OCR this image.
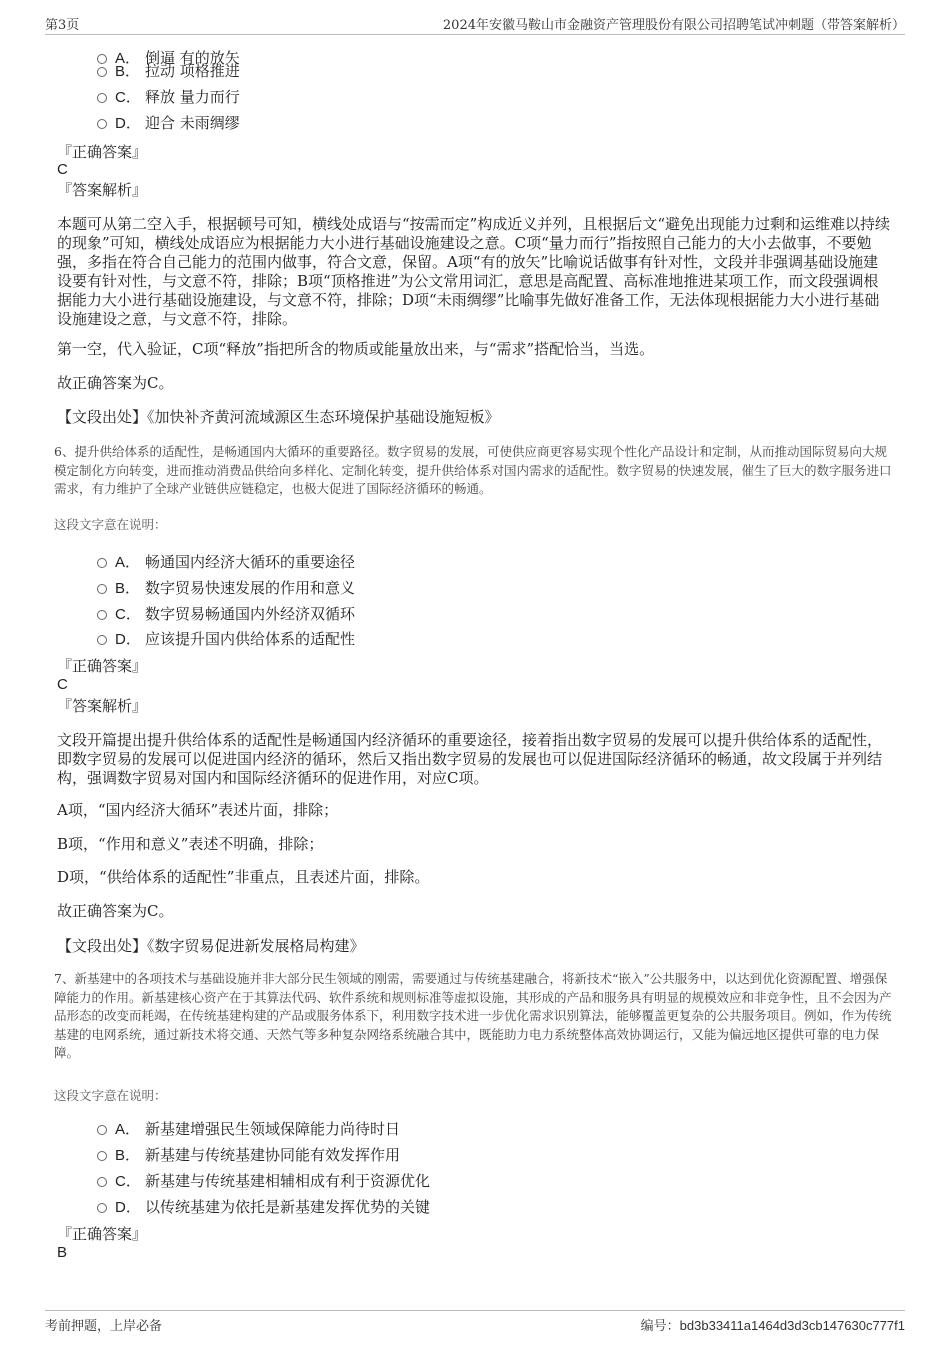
第3页	2024年安徽马鞍山市金融资产管理股份有限公司招聘笔试冲刺题（带答案解析）
A． 倒逼 有的放矢
B． 拉动 项格推进
C． 释放 量力而行
D． 迎合 未雨绸缪
『正确答案』
C
『答案解析』
本题可从第二空入手，根据顿号可知，横线处成语与“按需而定”构成近义并列，且根据后文“避免出现能力过剩和运维难以持续的现象”可知，横线处成语应为根据能力大小进行基础设施建设之意。C项“量力而行”指按照自己能力的大小去做事，不要勉强，多指在符合自己能力的范围内做事，符合文意，保留。A项“有的放矢”比喻说话做事有针对性，文段并非强调基础设施建设要有针对性，与文意不符，排除；B项“顶格推进”为公文常用词汇，意思是高配置、高标准地推进某项工作，而文段强调根据能力大小进行基础设施建设，与文意不符，排除；D项“未雨绸缪”比喻事先做好准备工作，无法体现根据能力大小进行基础设施建设之意，与文意不符，排除。
第一空，代入验证，C项“释放”指把所含的物质或能量放出来，与“需求”搭配恰当，当选。
故正确答案为C。
【文段出处】《加快补齐黄河流域源区生态环境保护基础设施短板》
6、提升供给体系的适配性，是畅通国内大循环的重要路径。数字贸易的发展，可使供应商更容易实现个性化产品设计和定制，从而推动国际贸易向大规模定制化方向转变，进而推动消费品供给向多样化、定制化转变，提升供给体系对国内需求的适配性。数字贸易的快速发展，催生了巨大的数字服务进口需求，有力维护了全球产业链供应链稳定，也极大促进了国际经济循环的畅通。
这段文字意在说明：
A． 畅通国内经济大循环的重要途径
B． 数字贸易快速发展的作用和意义
C． 数字贸易畅通国内外经济双循环
D． 应该提升国内供给体系的适配性
『正确答案』
C
『答案解析』
文段开篇提出提升供给体系的适配性是畅通国内经济循环的重要途径，接着指出数字贸易的发展可以提升供给体系的适配性，即数字贸易的发展可以促进国内经济的循环，然后又指出数字贸易的发展也可以促进国际经济循环的畅通，故文段属于并列结构，强调数字贸易对国内和国际经济循环的促进作用，对应C项。
A项，“国内经济大循环”表述片面，排除；
B项，“作用和意义”表述不明确，排除；
D项，“供给体系的适配性”非重点，且表述片面，排除。
故正确答案为C。
【文段出处】《数字贸易促进新发展格局构建》
7、新基建中的各项技术与基础设施并非大部分民生领域的刚需，需要通过与传统基建融合，将新技术“嵌入”公共服务中，以达到优化资源配置、增强保障能力的作用。新基建核心资产在于其算法代码、软件系统和规则标准等虚拟设施，其形成的产品和服务具有明显的规模效应和非竞争性，且不会因为产品形态的改变而耗竭，在传统基建构建的产品或服务体系下，利用数字技术进一步优化需求识别算法，能够覆盖更复杂的公共服务项目。例如，作为传统基建的电网系统，通过新技术将交通、天然气等多种复杂网络系统融合其中，既能助力电力系统整体高效协调运行，又能为偏远地区提供可靠的电力保障。
这段文字意在说明：
A． 新基建增强民生领域保障能力尚待时日
B． 新基建与传统基建协同能有效发挥作用
C． 新基建与传统基建相辅相成有利于资源优化
D． 以传统基建为依托是新基建发挥优势的关键
『正确答案』
B
考前押题，上岸必备	编号：bd3b33411a1464d3d3cb147630c777f1
